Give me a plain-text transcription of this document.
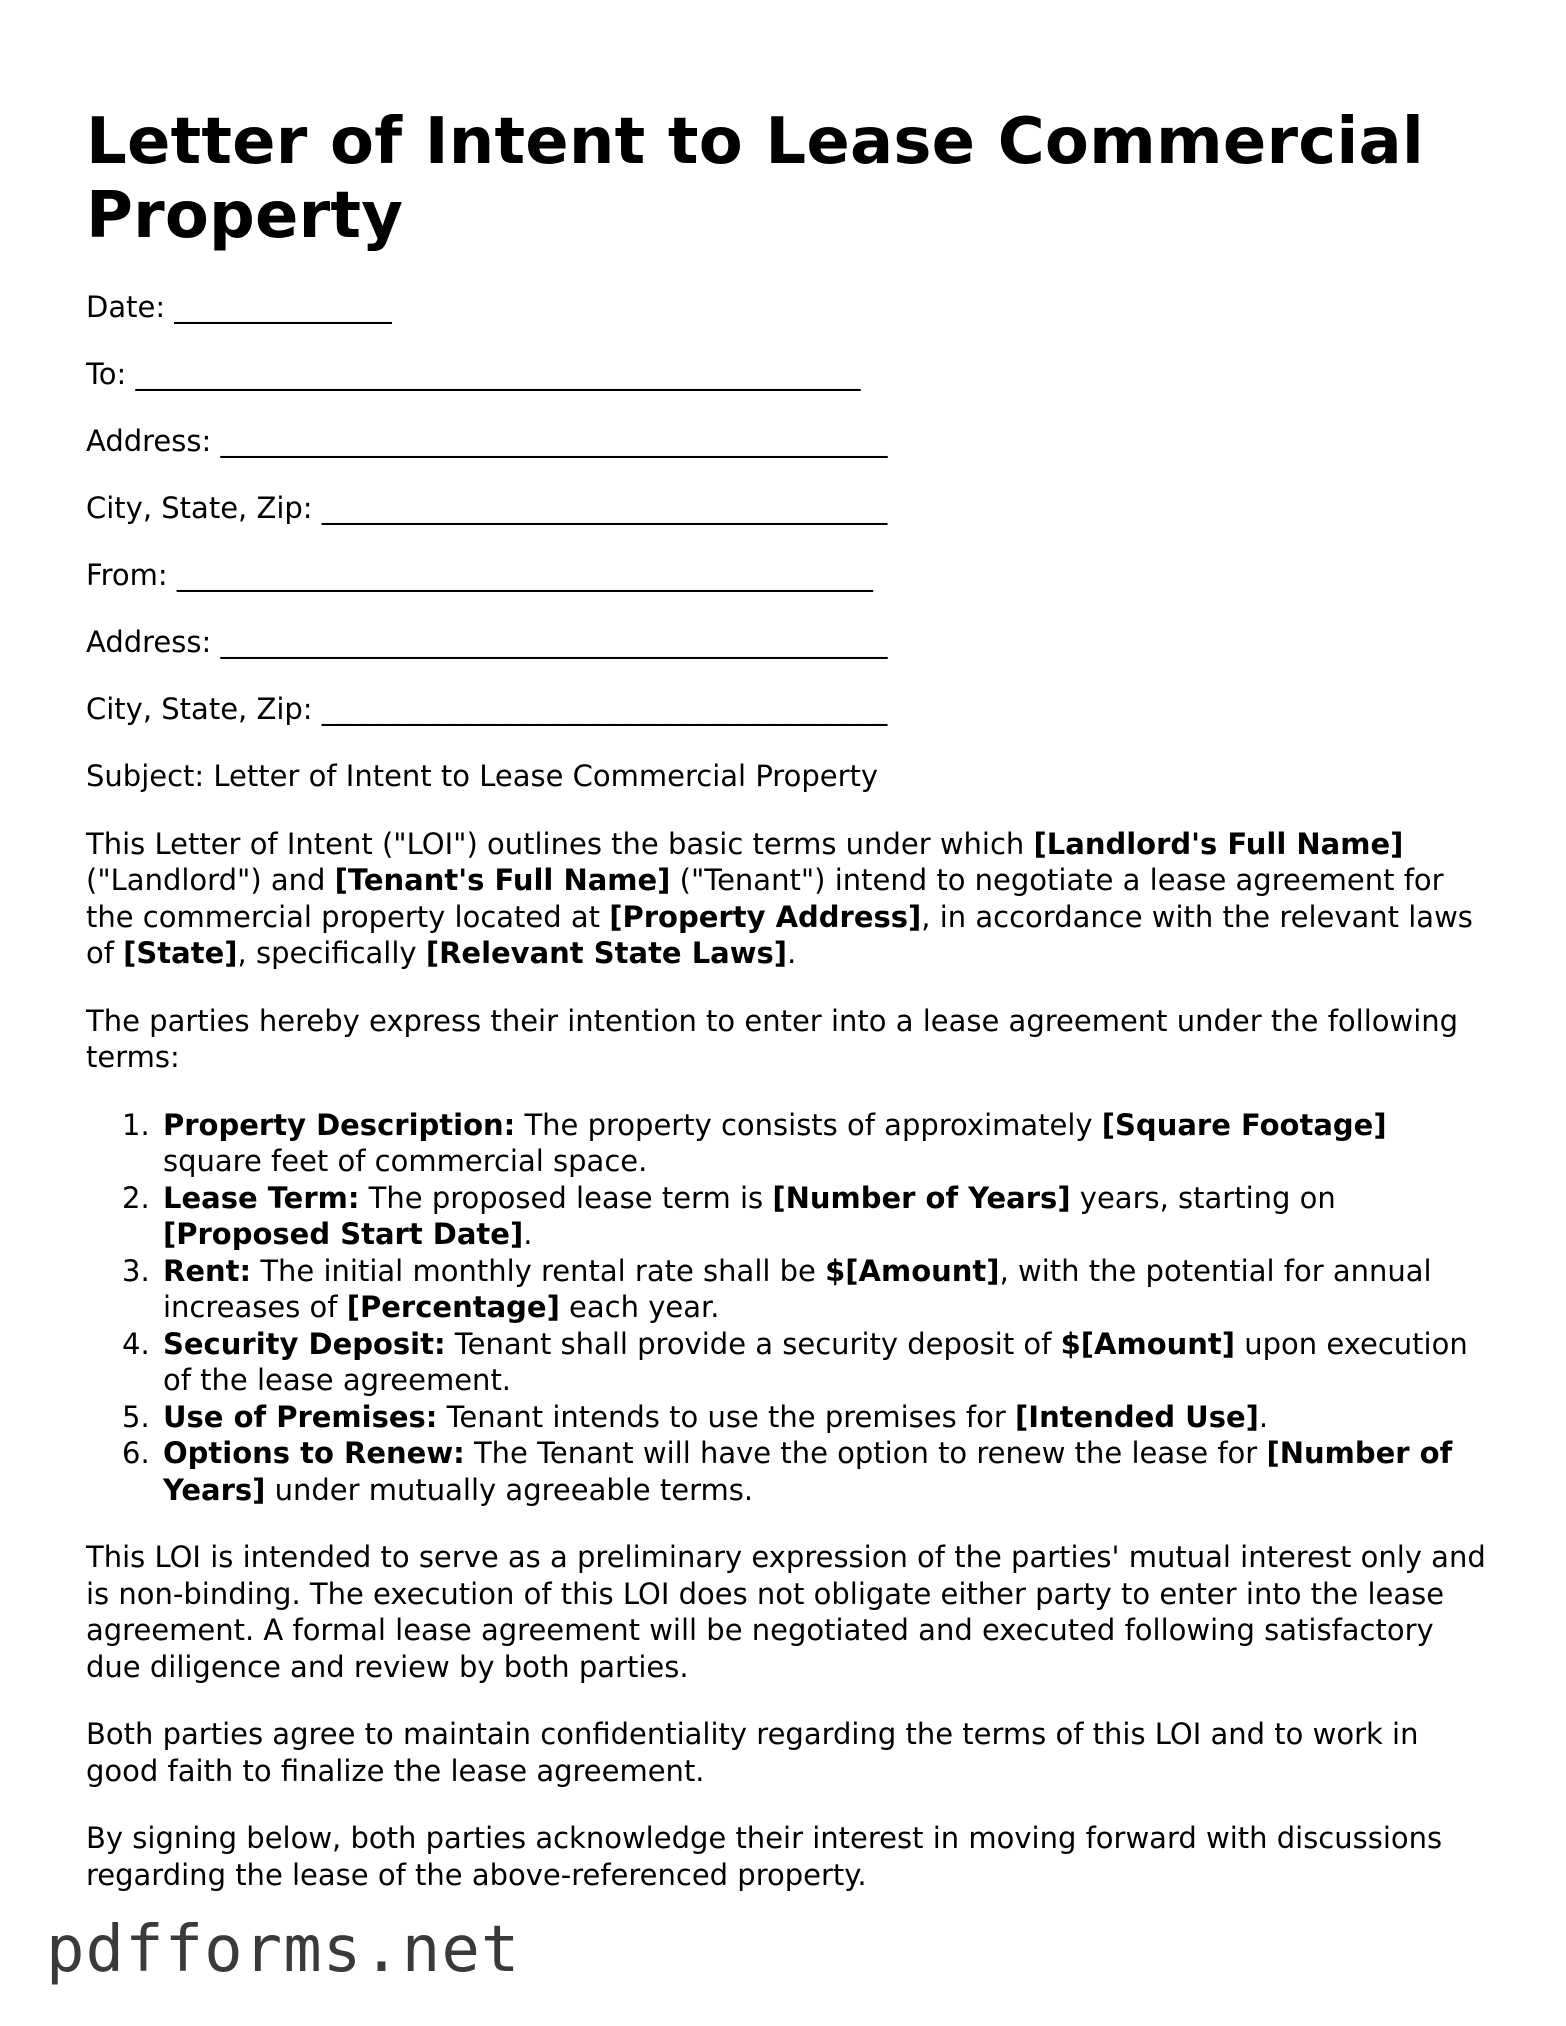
Letter of Intent to Lease Commercial Property
Date: _______________
To: __________________________________________________
Address: ______________________________________________
City, State, Zip: _______________________________________
From: ________________________________________________
Address: ______________________________________________
City, State, Zip: _______________________________________

Subject: Letter of Intent to Lease Commercial Property

This Letter of Intent ("LOI") outlines the basic terms under which [Landlord's Full Name] ("Landlord") and [Tenant's Full Name] ("Tenant") intend to negotiate a lease agreement for the commercial property located at [Property Address], in accordance with the relevant laws of [State], specifically [Relevant State Laws].

The parties hereby express their intention to enter into a lease agreement under the following terms:

1. Property Description: The property consists of approximately [Square Footage] square feet of commercial space.
2. Lease Term: The proposed lease term is [Number of Years] years, starting on [Proposed Start Date].
3. Rent: The initial monthly rental rate shall be $[Amount], with the potential for annual increases of [Percentage] each year.
4. Security Deposit: Tenant shall provide a security deposit of $[Amount] upon execution of the lease agreement.
5. Use of Premises: Tenant intends to use the premises for [Intended Use].
6. Options to Renew: The Tenant will have the option to renew the lease for [Number of Years] under mutually agreeable terms.

This LOI is intended to serve as a preliminary expression of the parties' mutual interest only and is non-binding. The execution of this LOI does not obligate either party to enter into the lease agreement. A formal lease agreement will be negotiated and executed following satisfactory due diligence and review by both parties.

Both parties agree to maintain confidentiality regarding the terms of this LOI and to work in good faith to finalize the lease agreement.

By signing below, both parties acknowledge their interest in moving forward with discussions regarding the lease of the above-referenced property.

pdfforms.net
